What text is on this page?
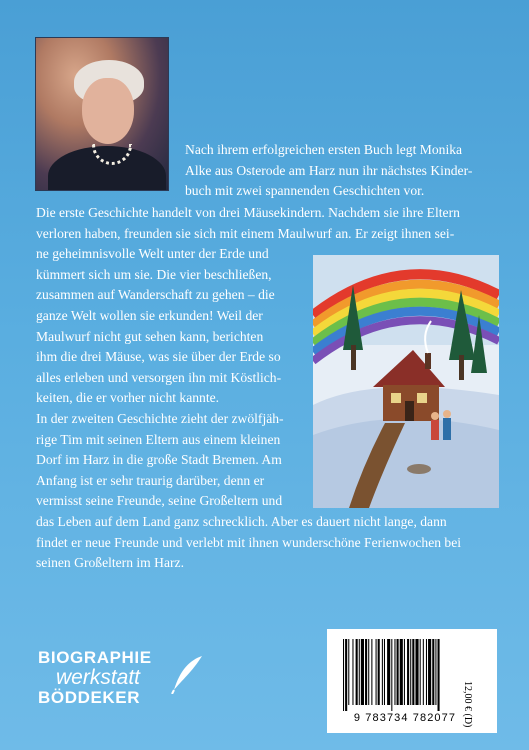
Nach ihrem erfolgreichen ersten Buch legt Monika

Alke aus Osterode am Harz nun ihr nächstes Kinder-

buch mit zwei spannenden Geschichten vor.

Die erste Geschichte handelt von drei Mäusekindern. Nachdem sie ihre Eltern

verloren haben, freunden sie sich mit einem Maulwurf an. Er zeigt ihnen sei-

ne geheimnisvolle Welt unter der Erde und

kümmert sich um sie. Die vier beschließen,

zusammen auf Wanderschaft zu gehen – die

ganze Welt wollen sie erkunden! Weil der

Maulwurf nicht gut sehen kann, berichten

ihm die drei Mäuse, was sie über der Erde so

alles erleben und versorgen ihn mit Köstlich-

keiten, die er vorher nicht kannte.

In der zweiten Geschichte zieht der zwölfjäh-

rige Tim mit seinen Eltern aus einem kleinen

Dorf im Harz in die große Stadt Bremen. Am

Anfang ist er sehr traurig darüber, denn er

vermisst seine Freunde, seine Großeltern und

das Leben auf dem Land ganz schrecklich. Aber es dauert nicht lange, dann

findet er neue Freunde und verlebt mit ihnen wunderschöne Ferienwochen bei

seinen Großeltern im Harz.

BIOGRAPHIE
werkstatt
BÖDDEKER
9 783734 782077 12,00 € (D)
